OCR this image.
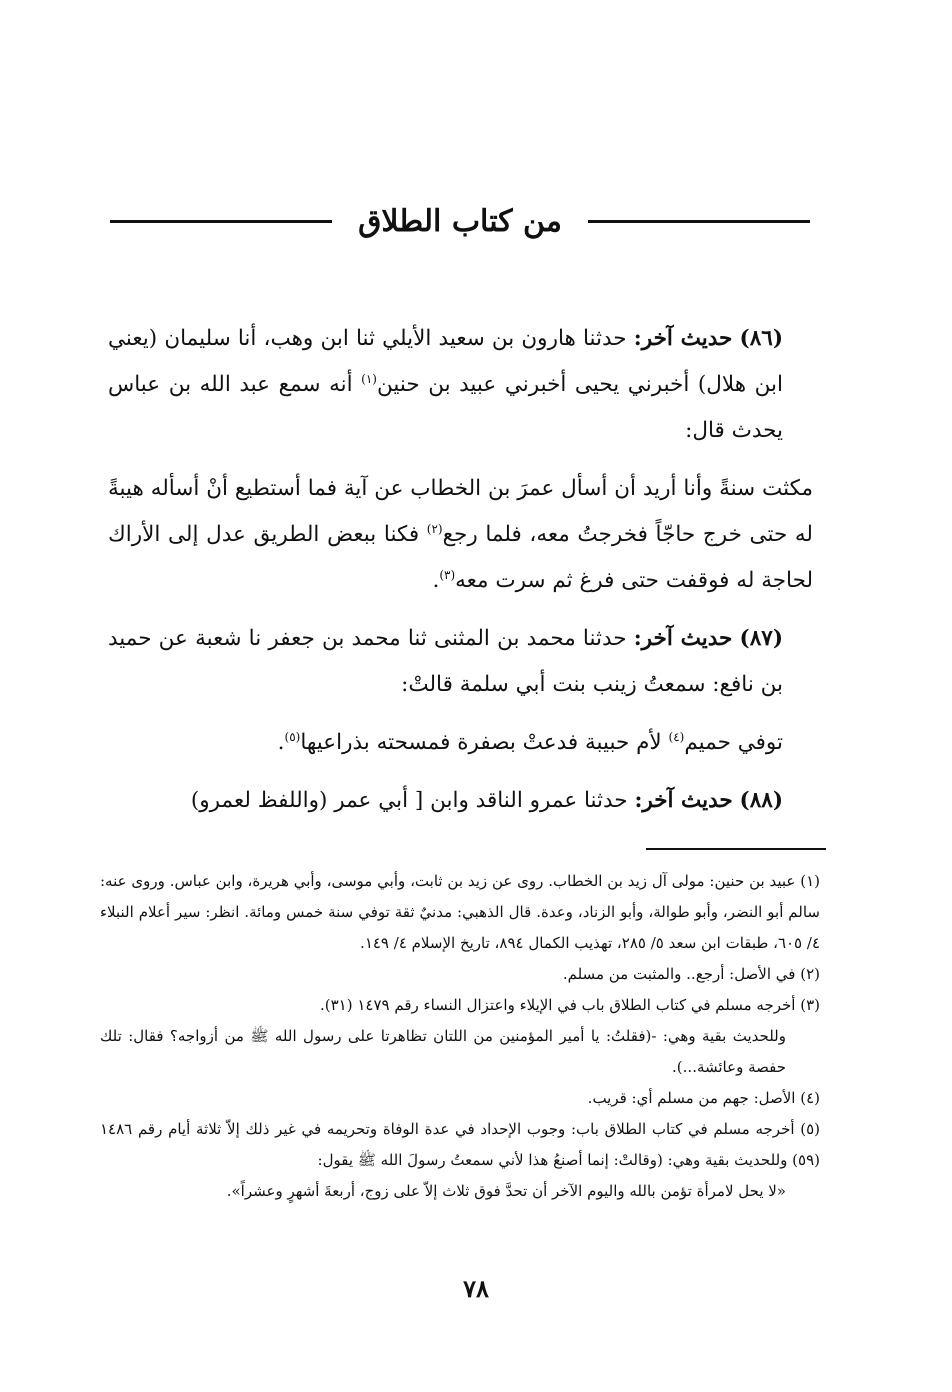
من كتاب الطلاق

(٨٦) حديث آخر: حدثنا هارون بن سعيد الأيلي ثنا ابن وهب، أنا سليمان (يعني ابن هلال) أخبرني يحيى أخبرني عبيد بن حنين$^{(١)}$ أنه سمع عبد الله بن عباس يحدث قال:

مكثت سنةً وأنا أريد أن أسأل عمرَ بن الخطاب عن آية فما أستطيع أنْ أسأله هيبةً له حتى خرج حاجّاً فخرجتُ معه، فلما رجع$^{(٢)}$ فكنا ببعض الطريق عدل إلى الأراك لحاجة له فوقفت حتى فرغ ثم سرت معه$^{(٣)}$.

(٨٧) حديث آخر: حدثنا محمد بن المثنى ثنا محمد بن جعفر نا شعبة عن حميد بن نافع: سمعتُ زينب بنت أبي سلمة قالتْ:

توفي حميم$^{(٤)}$ لأم حبيبة فدعتْ بصفرة فمسحته بذراعيها$^{(٥)}$.

(٨٨) حديث آخر: حدثنا عمرو الناقد وابن [ أبي عمر (واللفظ لعمرو)

(١) عبيد بن حنين: مولى آل زيد بن الخطاب. روى عن زيد بن ثابت، وأبي موسى، وأبي هريرة، وابن عباس. وروى عنه: سالم أبو النضر، وأبو طوالة، وأبو الزناد، وعدة. قال الذهبي: مدنيٌ ثقة توفي سنة خمس ومائة. انظر: سير أعلام النبلاء ٤/ ٦٠٥، طبقات ابن سعد ٥/ ٢٨٥، تهذيب الكمال ٨٩٤، تاريخ الإسلام ٤/ ١٤٩.

(٢) في الأصل: أرجع.. والمثبت من مسلم.

(٣) أخرجه مسلم في كتاب الطلاق باب في الإيلاء واعتزال النساء رقم ١٤٧٩ (٣١).

وللحديث بقية وهي: -(فقلتُ: يا أمير المؤمنين من اللتان تظاهرتا على رسول الله ﷺ من أزواجه؟ فقال: تلك حفصة وعائشة...).

(٤) الأصل: جهم من مسلم أي: قريب.

(٥) أخرجه مسلم في كتاب الطلاق باب: وجوب الإحداد في عدة الوفاة وتحريمه في غير ذلك إلاّ ثلاثة أيام رقم ١٤٨٦ (٥٩) وللحديث بقية وهي: (وقالتْ: إنما أصنعُ هذا لأني سمعتُ رسولَ الله ﷺ يقول:

«لا يحل لامرأة تؤمن بالله واليوم الآخر أن تحدَّ فوق ثلاث إلاّ على زوج، أربعةَ أشهرٍ وعشراً».

٧٨
